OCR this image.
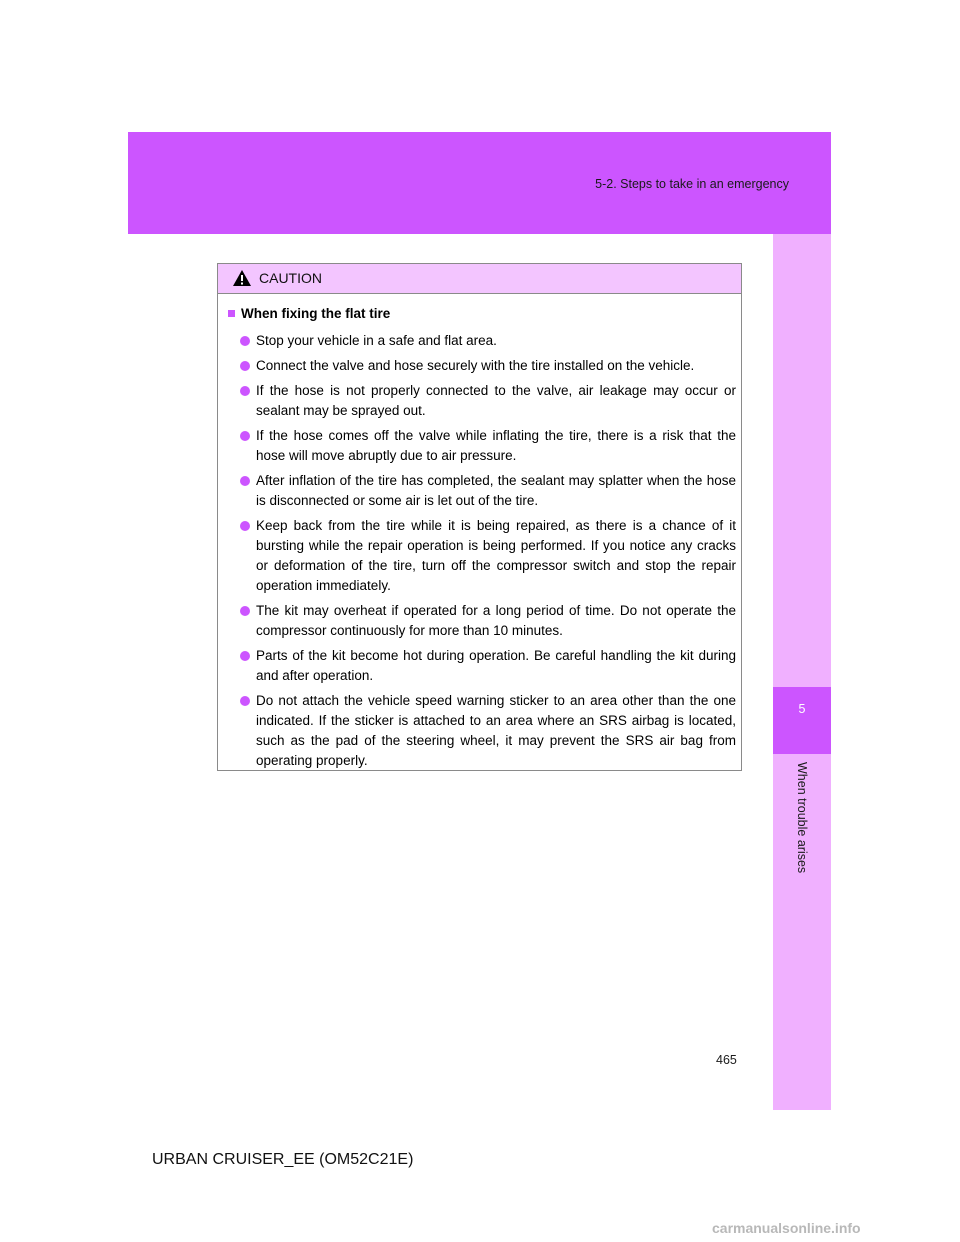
5-2. Steps to take in an emergency
5
When trouble arises
CAUTION
When fixing the flat tire
Stop your vehicle in a safe and flat area.
Connect the valve and hose securely with the tire installed on the vehicle.
If the hose is not properly connected to the valve, air leakage may occur or sealant may be sprayed out.
If the hose comes off the valve while inflating the tire, there is a risk that the hose will move abruptly due to air pressure.
After inflation of the tire has completed, the sealant may splatter when the hose is disconnected or some air is let out of the tire.
Keep back from the tire while it is being repaired, as there is a chance of it bursting while the repair operation is being performed. If you notice any cracks or deformation of the tire, turn off the compressor switch and stop the repair operation immediately.
The kit may overheat if operated for a long period of time. Do not operate the compressor continuously for more than 10 minutes.
Parts of the kit become hot during operation. Be careful handling the kit during and after operation.
Do not attach the vehicle speed warning sticker to an area other than the one indicated. If the sticker is attached to an area where an SRS airbag is located, such as the pad of the steering wheel, it may prevent the SRS air bag from operating properly.
465
URBAN CRUISER_EE (OM52C21E)
carmanualsonline.info
